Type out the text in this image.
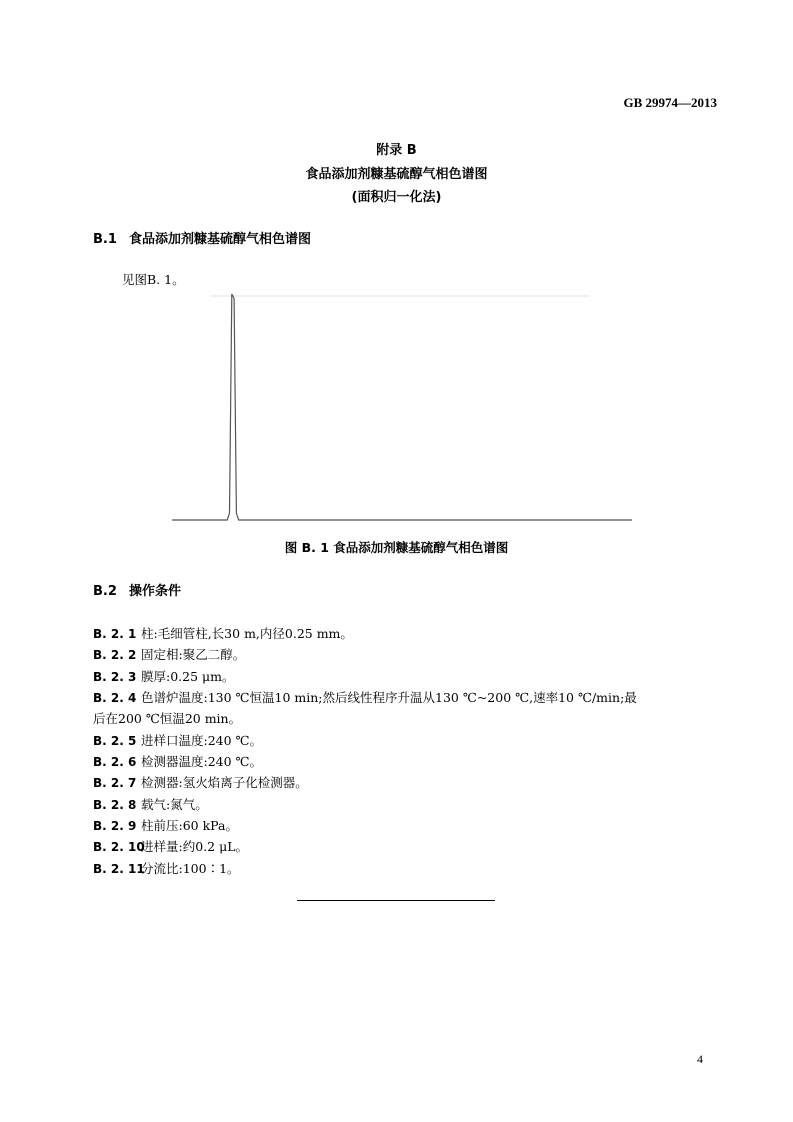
GB 29974—2013
附录 B
食品添加剂糠基硫醇气相色谱图
(面积归一化法)
B.1 食品添加剂糠基硫醇气相色谱图
见图B. 1。
图 B. 1 食品添加剂糠基硫醇气相色谱图
B.2 操作条件
B. 2. 1 柱:毛细管柱,长30 m,内径0.25 mm。
B. 2. 2 固定相:聚乙二醇。
B. 2. 3 膜厚:0.25 μm。
B. 2. 4 色谱炉温度:130 ℃恒温10 min;然后线性程序升温从130 ℃~200 ℃,速率10 ℃/min;最
后在200 ℃恒温20 min。
B. 2. 5 进样口温度:240 ℃。
B. 2. 6 检测器温度:240 ℃。
B. 2. 7 检测器:氢火焰离子化检测器。
B. 2. 8 载气:氮气。
B. 2. 9 柱前压:60 kPa。
B. 2. 10进样量:约0.2 μL。
B. 2. 11分流比:100∶1。
4
